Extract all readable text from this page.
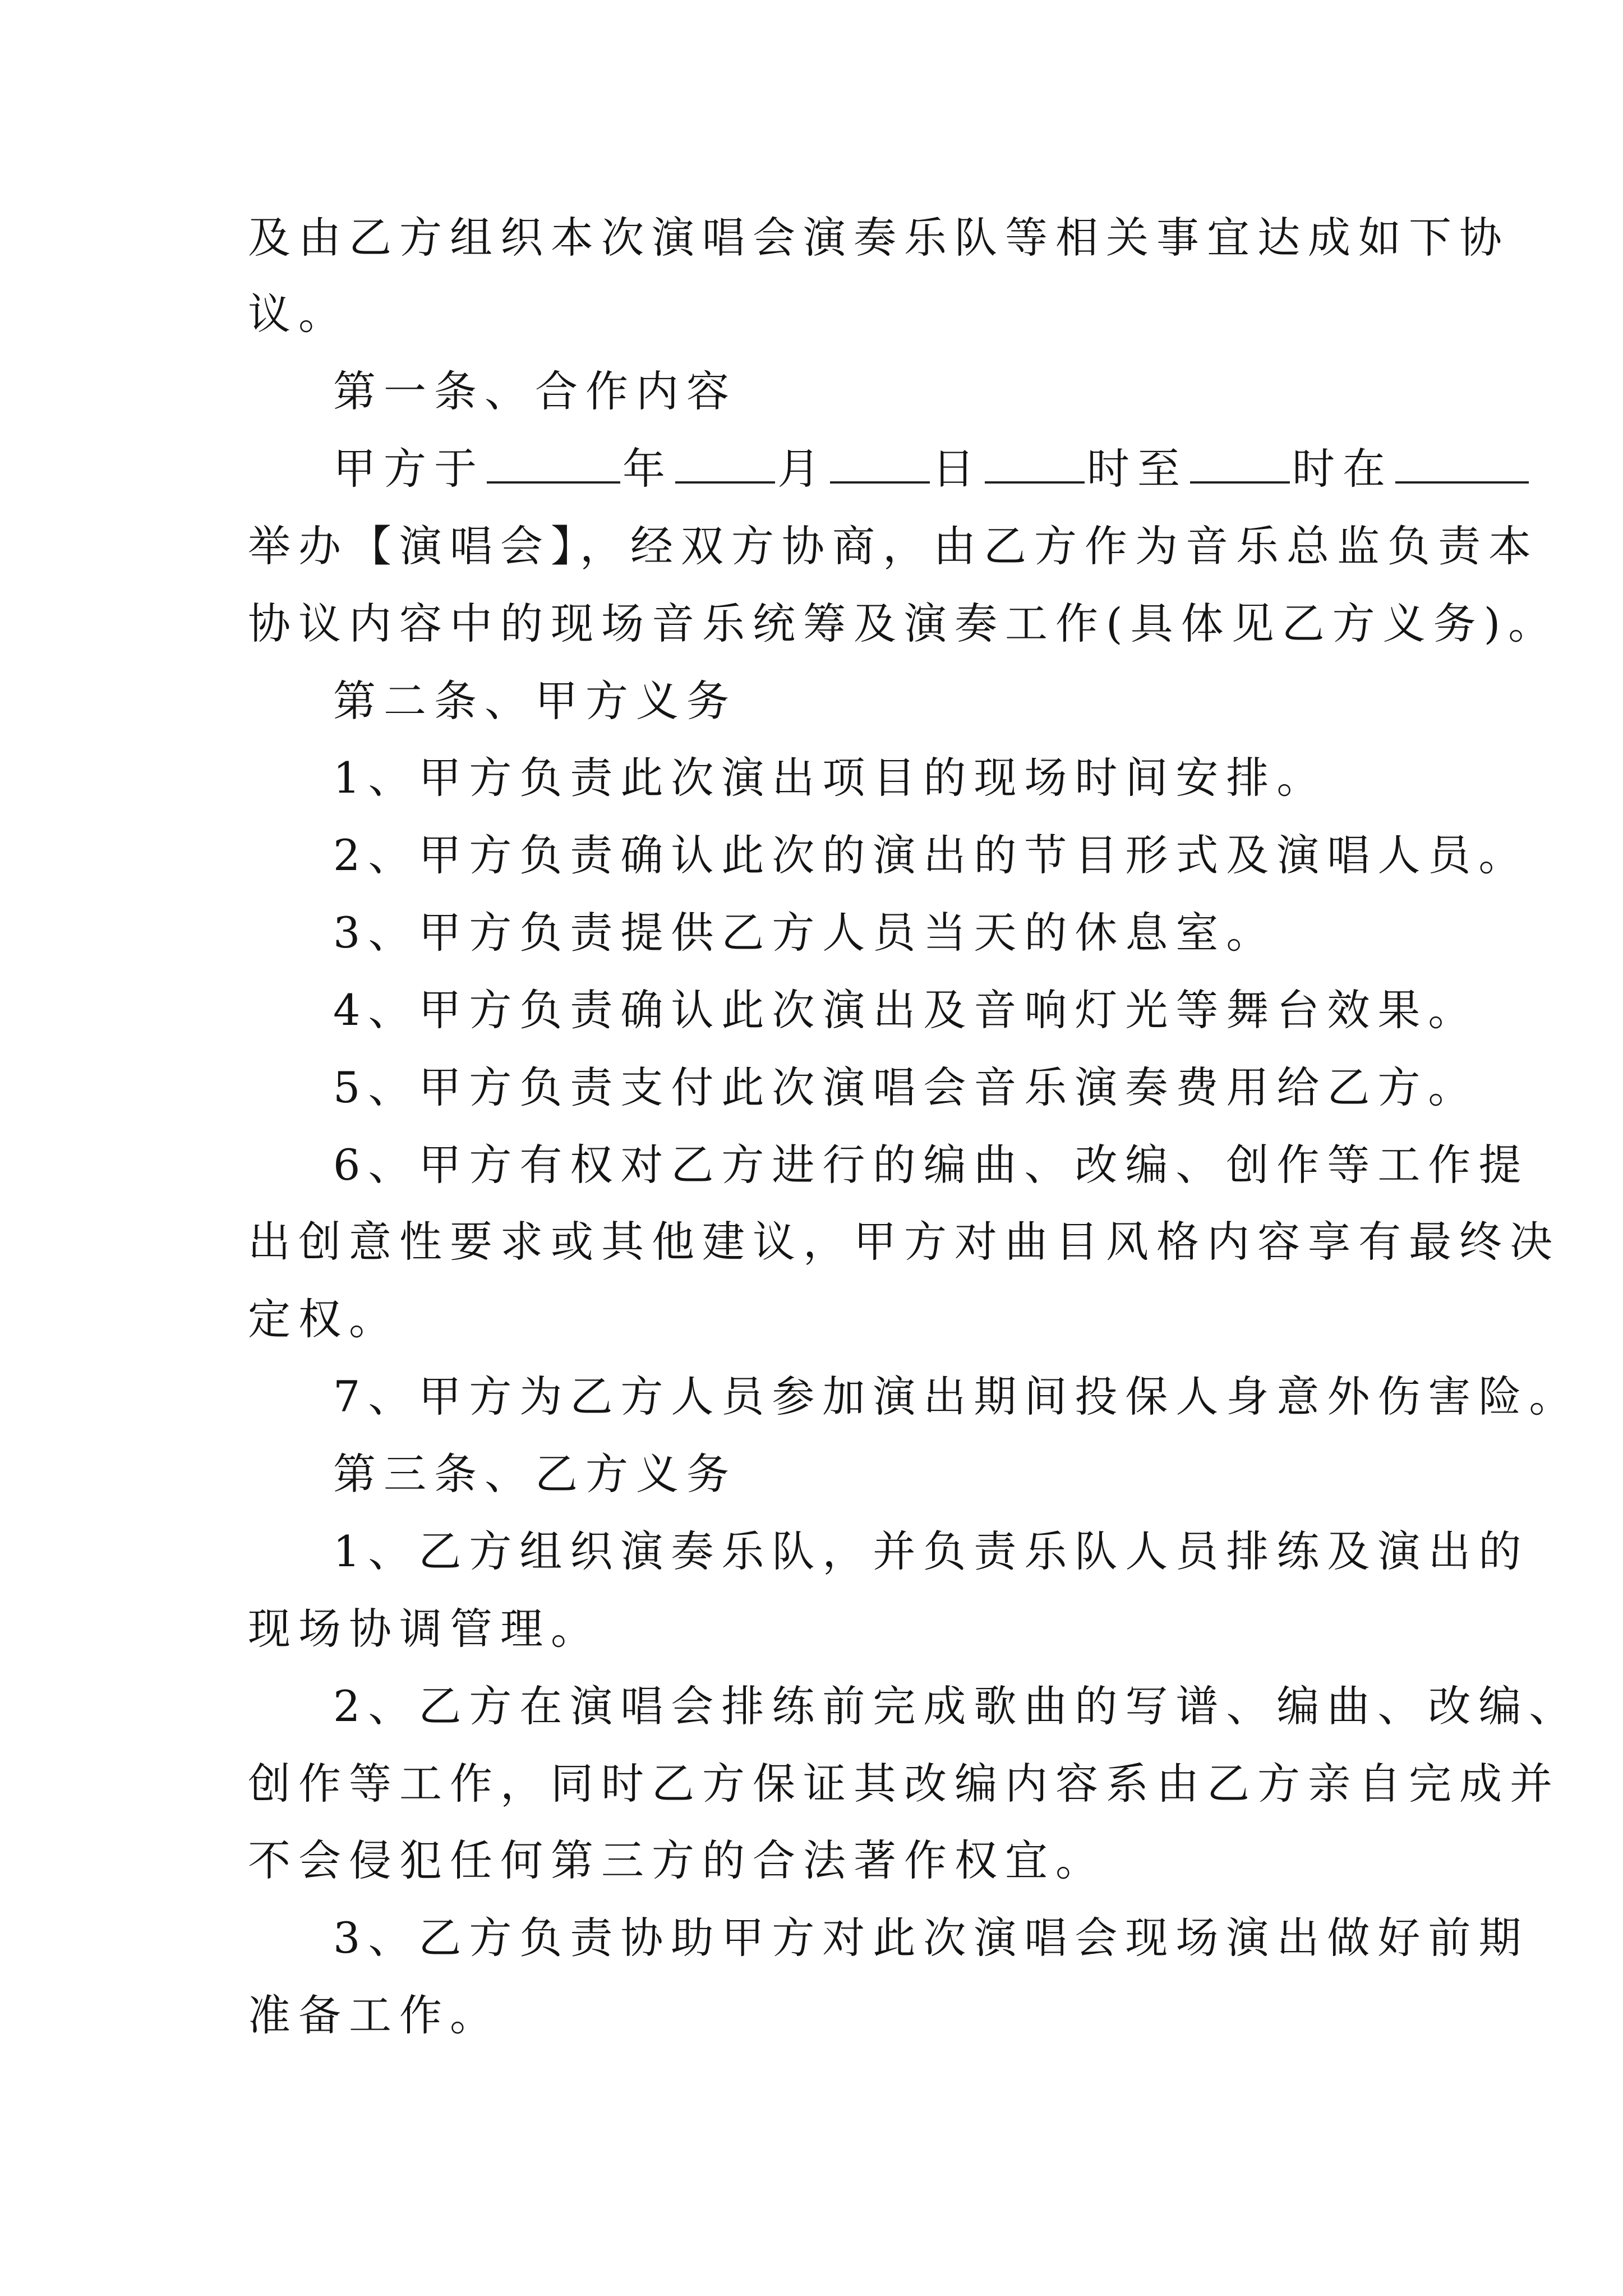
及由乙方组织本次演唱会演奏乐队等相关事宜达成如下协
议。
第一条、合作内容
甲方于	年 月 日 时至 时在
举办【演唱会】，经双方协商，由乙方作为音乐总监负责本
协议内容中的现场音乐统筹及演奏工作(具体见乙方义务)。
第二条、甲方义务
1、甲方负责此次演出项目的现场时间安排。
2、甲方负责确认此次的演出的节目形式及演唱人员。
3、甲方负责提供乙方人员当天的休息室。
4、甲方负责确认此次演出及音响灯光等舞台效果。
5、甲方负责支付此次演唱会音乐演奏费用给乙方。
6、甲方有权对乙方进行的编曲、改编、创作等工作提
出创意性要求或其他建议，甲方对曲目风格内容享有最终决
定权。
7、甲方为乙方人员参加演出期间投保人身意外伤害险。
第三条、乙方义务
1、乙方组织演奏乐队，并负责乐队人员排练及演出的
现场协调管理。
2、乙方在演唱会排练前完成歌曲的写谱、编曲、改编、
创作等工作，同时乙方保证其改编内容系由乙方亲自完成并
不会侵犯任何第三方的合法著作权宜。
3、乙方负责协助甲方对此次演唱会现场演出做好前期
准备工作。
